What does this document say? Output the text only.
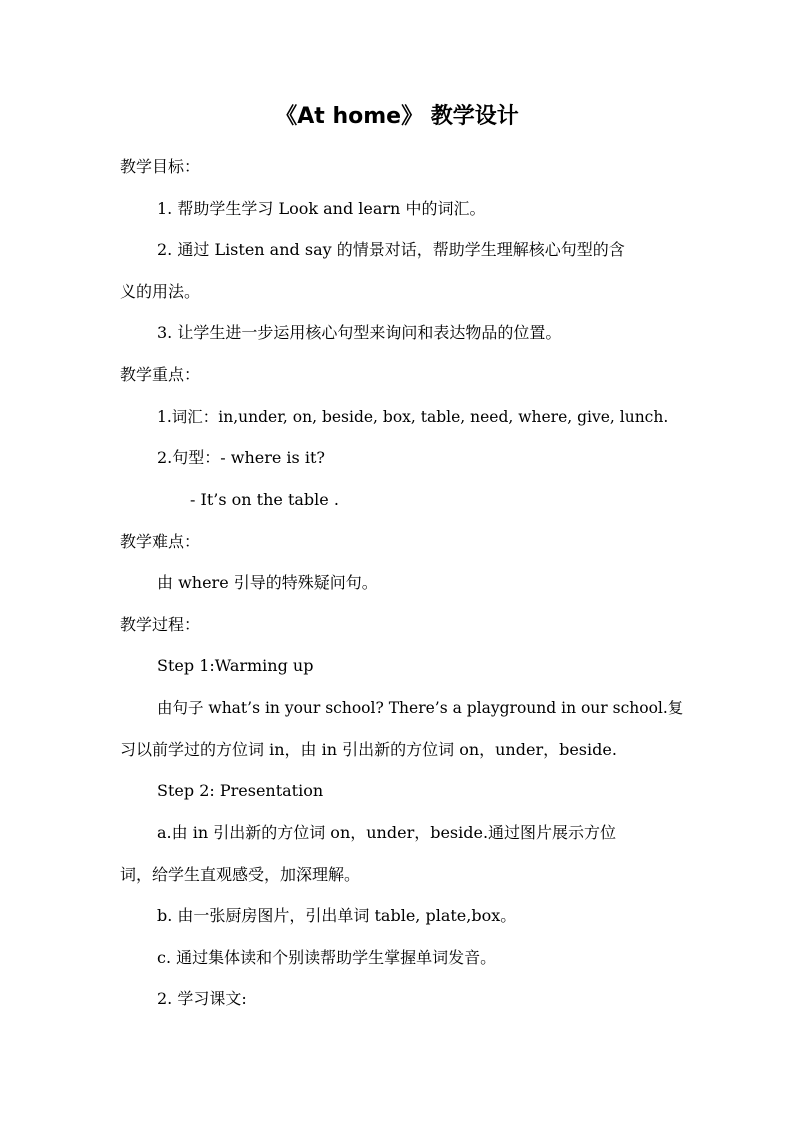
《At home》 教学设计
教学目标：
1. 帮助学生学习 Look and learn 中的词汇。
2. 通过 Listen and say 的情景对话，帮助学生理解核心句型的含
义的用法。
3. 让学生进一步运用核心句型来询问和表达物品的位置。
教学重点：
1.词汇：in,under, on, beside, box, table, need, where, give, lunch.
2.句型：- where is it?
- It’s on the table .
教学难点：
由 where 引导的特殊疑问句。
教学过程：
Step 1:Warming up
由句子 what’s in your school? There’s a playground in our school.复
习以前学过的方位词 in，由 in 引出新的方位词 on，under，beside.
Step 2: Presentation
a.由 in 引出新的方位词 on，under，beside.通过图片展示方位
词，给学生直观感受，加深理解。
b. 由一张厨房图片，引出单词 table, plate,box。
c. 通过集体读和个别读帮助学生掌握单词发音。
2. 学习课文:
